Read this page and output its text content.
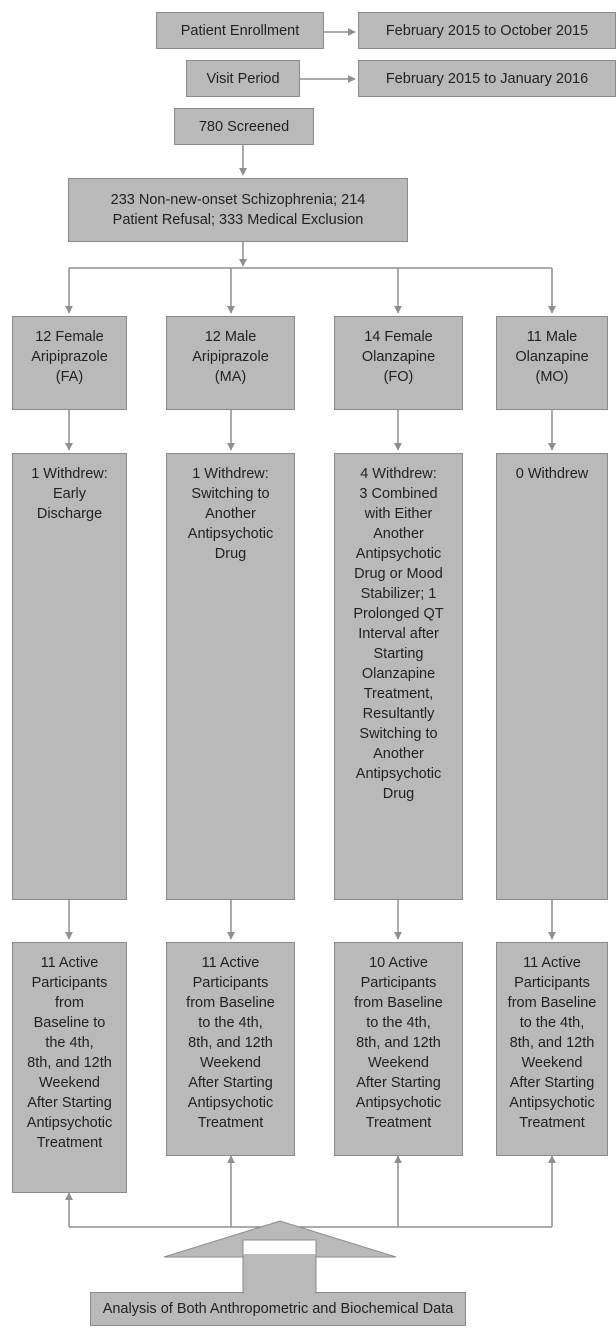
Patient Enrollment	February 2015 to October 2015
Visit Period	February 2015 to January 2016
780 Screened
233 Non-new-onset Schizophrenia; 214
Patient Refusal; 333 Medical Exclusion
12 Female
Aripiprazole
(FA)
12 Male
Aripiprazole
(MA)
14 Female
Olanzapine
(FO)
11 Male
Olanzapine
(MO)
1 Withdrew:
Early
Discharge
1 Withdrew:
Switching to
Another
Antipsychotic
Drug
4 Withdrew:
3 Combined
with Either
Another
Antipsychotic
Drug or Mood
Stabilizer; 1
Prolonged QT
Interval after
Starting
Olanzapine
Treatment,
Resultantly
Switching to
Another
Antipsychotic
Drug
0 Withdrew
11 Active
Participants
from
Baseline to
the 4th,
8th, and 12th
Weekend
After Starting
Antipsychotic
Treatment
11 Active
Participants
from Baseline
to the 4th,
8th, and 12th
Weekend
After Starting
Antipsychotic
Treatment
10 Active
Participants
from Baseline
to the 4th,
8th, and 12th
Weekend
After Starting
Antipsychotic
Treatment
11 Active
Participants
from Baseline
to the 4th,
8th, and 12th
Weekend
After Starting
Antipsychotic
Treatment
Analysis of Both Anthropometric and Biochemical Data
